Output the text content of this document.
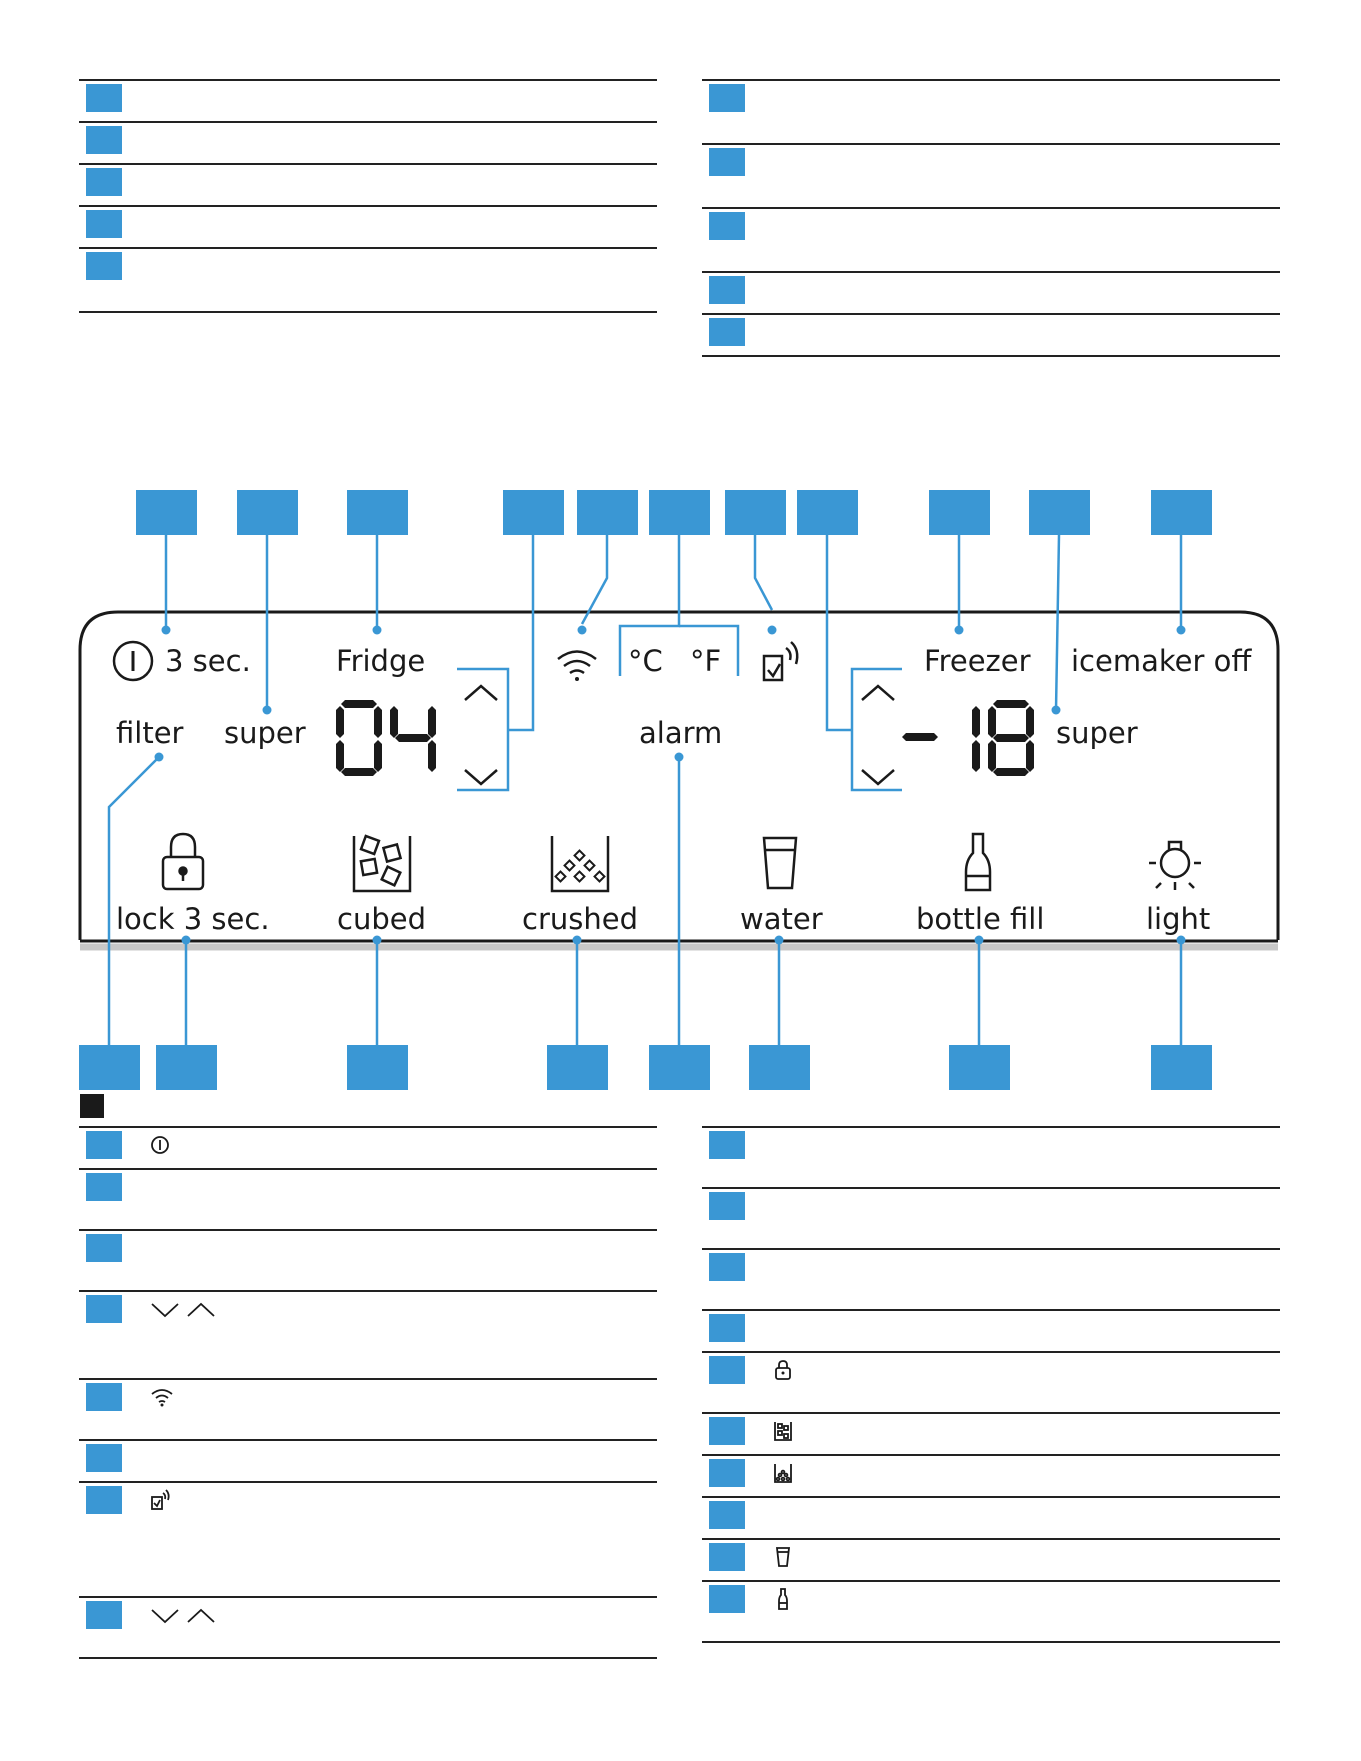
3 sec.	Fridge
filter super
°C °F
alarm
Freezer icemaker off
super
lock 3 sec. cubed	crushed	water	bottle fill	light
